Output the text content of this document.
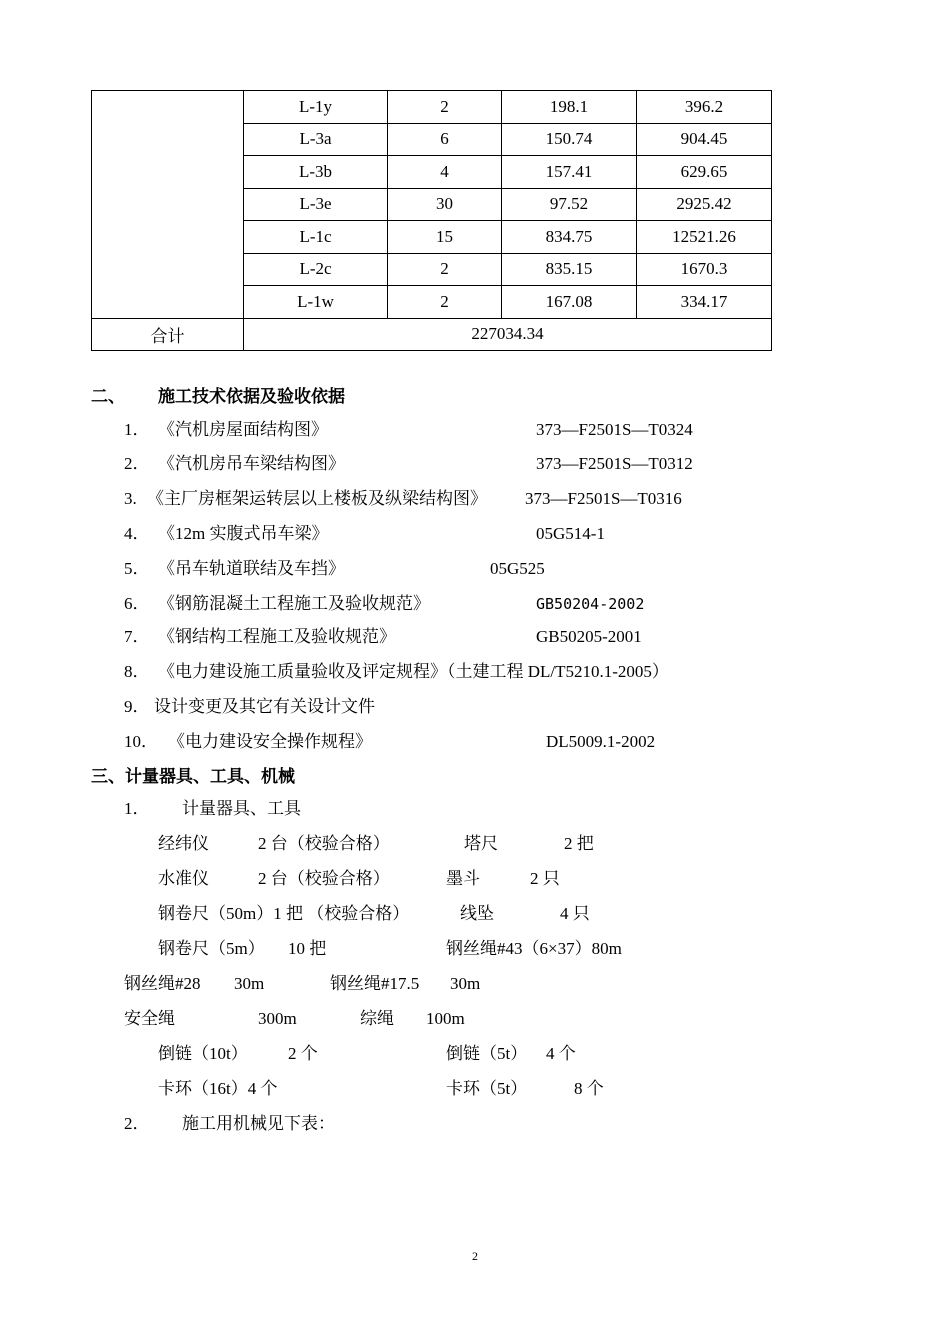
	L-1y	2	198.1	396.2
	L-3a	6	150.74	904.45
	L-3b	4	157.41	629.65
	L-3e	30	97.52	2925.42
	L-1c	15	834.75	12521.26
	L-2c	2	835.15	1670.3
	L-1w	2	167.08	334.17
合计	227034.34			
二、 施工技术依据及验收依据
1． 《汽机房屋面结构图》	373—F2501S—T0324
2． 《汽机房吊车梁结构图》	373—F2501S—T0312
3. 《主厂房框架运转层以上楼板及纵梁结构图》 373—F2501S—T0316
4． 《12m 实腹式吊车梁》	05G514-1
5． 《吊车轨道联结及车挡》	05G525
6． 《钢筋混凝土工程施工及验收规范》	GB50204-2002
7． 《钢结构工程施工及验收规范》	GB50205-2001
8． 《电力建设施工质量验收及评定规程》（土建工程 DL/T5210.1-2005）
9． 设计变更及其它有关设计文件
10． 《电力建设安全操作规程》	DL5009.1-2002
三、计量器具、工具、机械
1． 计量器具、工具
经纬仪	2 台（校验合格）	塔尺	2 把
水准仪	2 台（校验合格）	墨斗	2 只
钢卷尺（50m）1 把 （校验合格）	线坠	4 只
钢卷尺（5m） 10 把	钢丝绳#43（6×37）80m
钢丝绳#28 30m	钢丝绳#17.5 30m
安全绳	300m	综绳 100m
倒链（10t） 2 个	倒链（5t） 4 个
卡环（16t）4 个	卡环（5t）	8 个
2． 施工用机械见下表：
2
